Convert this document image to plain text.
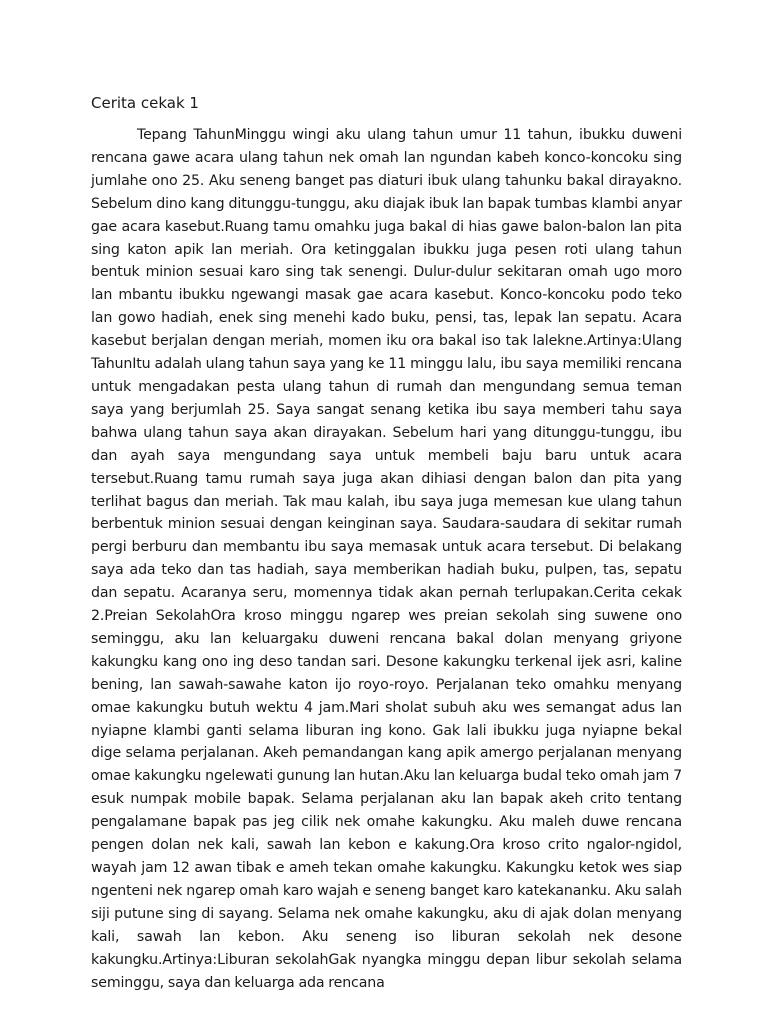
Cerita cekak 1

Tepang TahunMinggu wingi aku ulang tahun umur 11 tahun, ibukku duweni rencana gawe acara ulang tahun nek omah lan ngundan kabeh konco-koncoku sing jumlahe ono 25. Aku seneng banget pas diaturi ibuk ulang tahunku bakal dirayakno. Sebelum dino kang ditunggu-tunggu, aku diajak ibuk lan bapak tumbas klambi anyar gae acara kasebut.Ruang tamu omahku juga bakal di hias gawe balon-balon lan pita sing katon apik lan meriah. Ora ketinggalan ibukku juga pesen roti ulang tahun bentuk minion sesuai karo sing tak senengi. Dulur-dulur sekitaran omah ugo moro lan mbantu ibukku ngewangi masak gae acara kasebut. Konco-koncoku podo teko lan gowo hadiah, enek sing menehi kado buku, pensi, tas, lepak lan sepatu. Acara kasebut berjalan dengan meriah, momen iku ora bakal iso tak lalekne.Artinya:Ulang TahunItu adalah ulang tahun saya yang ke 11 minggu lalu, ibu saya memiliki rencana untuk mengadakan pesta ulang tahun di rumah dan mengundang semua teman saya yang berjumlah 25. Saya sangat senang ketika ibu saya memberi tahu saya bahwa ulang tahun saya akan dirayakan. Sebelum hari yang ditunggu-tunggu, ibu dan ayah saya mengundang saya untuk membeli baju baru untuk acara tersebut.Ruang tamu rumah saya juga akan dihiasi dengan balon dan pita yang terlihat bagus dan meriah. Tak mau kalah, ibu saya juga memesan kue ulang tahun berbentuk minion sesuai dengan keinginan saya. Saudara-saudara di sekitar rumah pergi berburu dan membantu ibu saya memasak untuk acara tersebut. Di belakang saya ada teko dan tas hadiah, saya memberikan hadiah buku, pulpen, tas, sepatu dan sepatu. Acaranya seru, momennya tidak akan pernah terlupakan.Cerita cekak 2.Preian SekolahOra kroso minggu ngarep wes preian sekolah sing suwene ono seminggu, aku lan keluargaku duweni rencana bakal dolan menyang griyone kakungku kang ono ing deso tandan sari. Desone kakungku terkenal ijek asri, kaline bening, lan sawah-sawahe katon ijo royo-royo. Perjalanan teko omahku menyang omae kakungku butuh wektu 4 jam.Mari sholat subuh aku wes semangat adus lan nyiapne klambi ganti selama liburan ing kono. Gak lali ibukku juga nyiapne bekal dige selama perjalanan. Akeh pemandangan kang apik amergo perjalanan menyang omae kakungku ngelewati gunung lan hutan.Aku lan keluarga budal teko omah jam 7 esuk numpak mobile bapak. Selama perjalanan aku lan bapak akeh crito tentang pengalamane bapak pas jeg cilik nek omahe kakungku. Aku maleh duwe rencana pengen dolan nek kali, sawah lan kebon e kakung.Ora kroso crito ngalor-ngidol, wayah jam 12 awan tibak e ameh tekan omahe kakungku. Kakungku ketok wes siap ngenteni nek ngarep omah karo wajah e seneng banget karo katekananku. Aku salah siji putune sing di sayang. Selama nek omahe kakungku, aku di ajak dolan menyang kali, sawah lan kebon. Aku seneng iso liburan sekolah nek desone kakungku.Artinya:Liburan sekolahGak nyangka minggu depan libur sekolah selama seminggu, saya dan keluarga ada rencana
